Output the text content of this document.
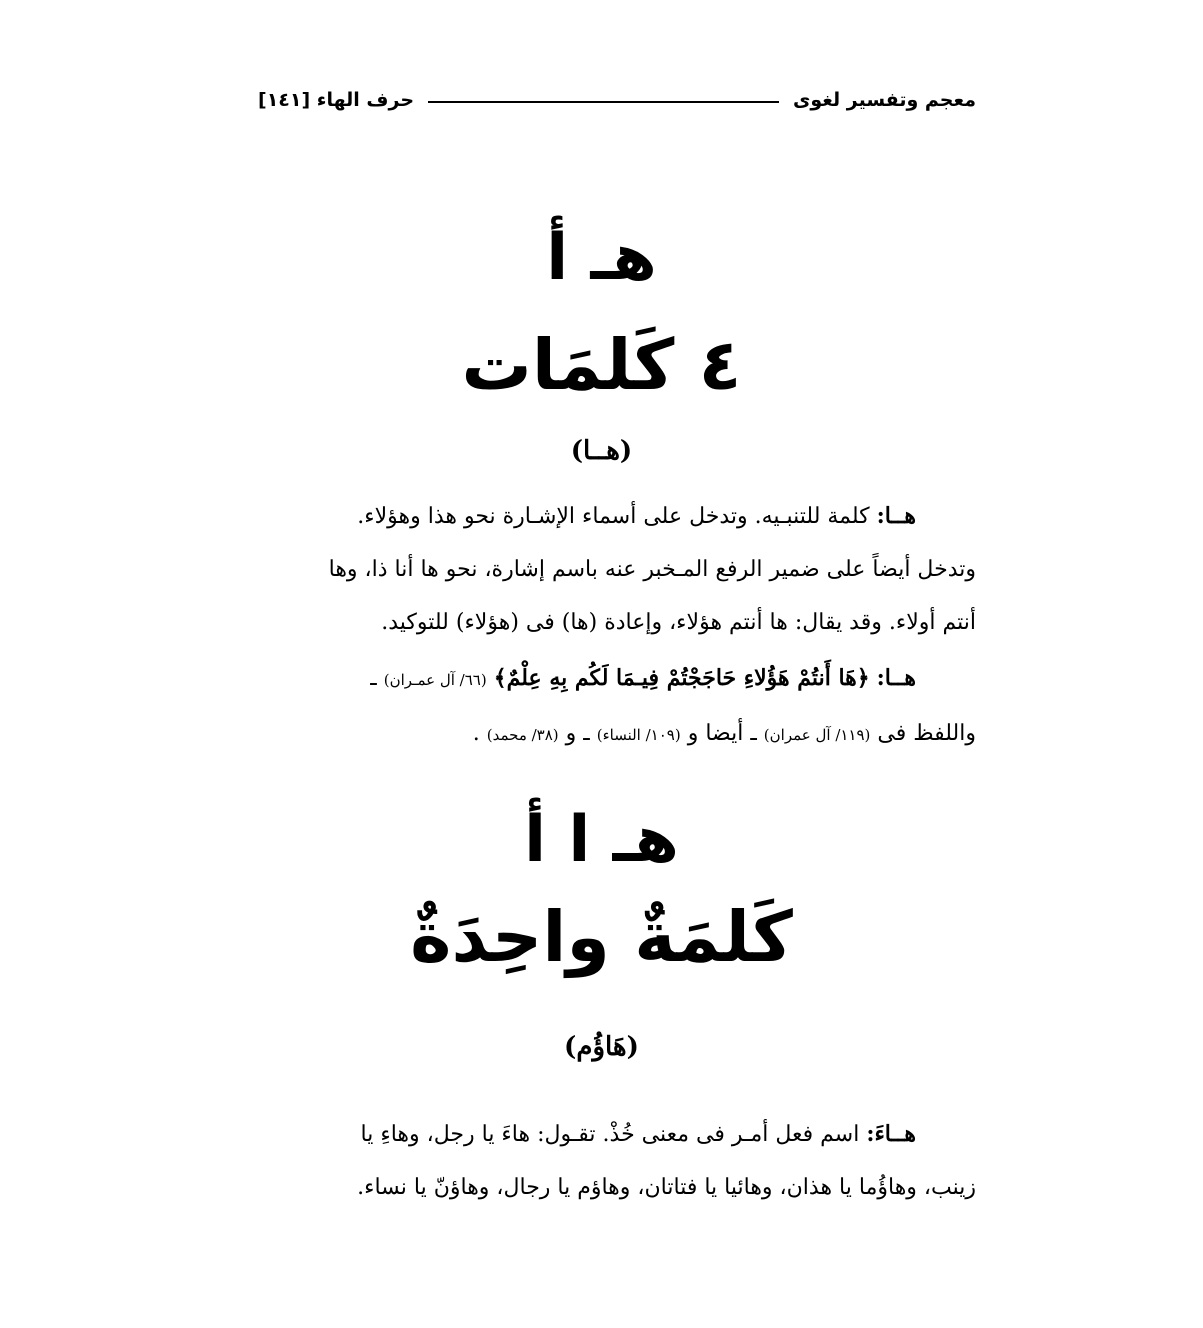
معجم وتفسير لغوى
حرف الهاء [١٤١]
هـ أ
٤ كَلمَات
(هــا)
هــا: كلمة للتنبـيه. وتدخل على أسماء الإشـارة نحو هذا وهؤلاء.
وتدخل أيضاً على ضمير الرفع المـخبر عنه باسم إشارة، نحو ها أنا ذا، وها
أنتم أولاء. وقد يقال: ها أنتم هؤلاء، وإعادة (ها) فى (هؤلاء) للتوكيد.
هــا: ﴿هَا أَنتُمْ هَؤُلاءِ حَاجَجْتُمْ فِيـمَا لَكُم بِهِ عِلْمٌ﴾ (٦٦/ آل عمـران) ـ
واللفظ فى (١١٩/ آل عمران) ـ أيضا و (١٠٩/ النساء) ـ و (٣٨/ محمد) .
هـ ا أ
كَلمَةٌ واحِدَةٌ
(هَاؤُم)
هــاءَ: اسم فعل أمـر فى معنى خُذْ. تقـول: هاءَ يا رجل، وهاءِ يا
زينب، وهاؤُما يا هذان، وهائيا يا فتاتان، وهاؤم يا رجال، وهاؤنّ يا نساء.
